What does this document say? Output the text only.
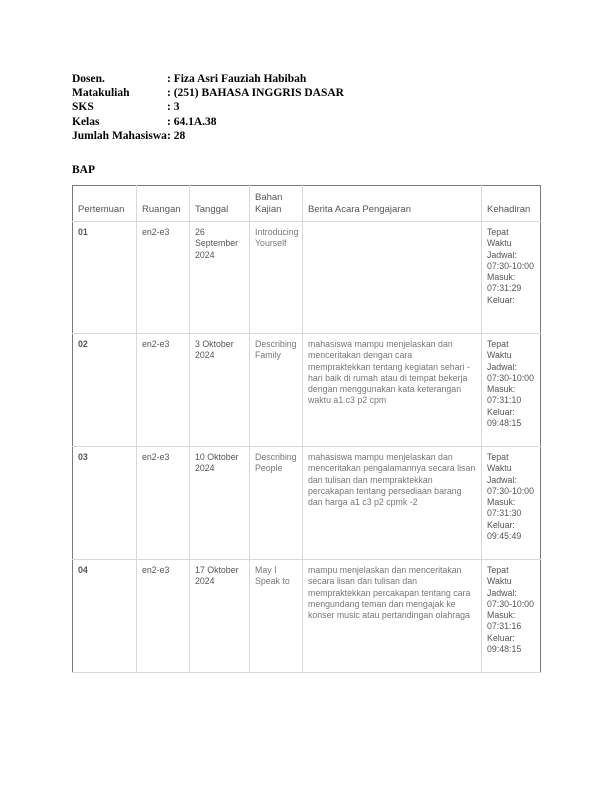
Dosen.	: Fiza Asri Fauziah Habibah
Matakuliah	: (251) BAHASA INGGRIS DASAR
SKS	: 3
Kelas	: 64.1A.38
Jumlah Mahasiswa : 28
BAP
Pertemuan	Ruangan	Tanggal	Bahan Kajian	Berita Acara Pengajaran	Kehadiran
01	en2-e3	26 September 2024	Introducing Yourself		Tepat Waktu Jadwal: 07:30-10:00 Masuk: 07:31:29 Keluar:
02	en2-e3	3 Oktober 2024	Describing Family	mahasiswa mampu menjelaskan dan menceritakan dengan cara mempraktekkan tentang kegiatan sehari -hari baik di rumah atau di tempat bekerja dengan menggunakan kata keterangan waktu a1 c3 p2 cpm	Tepat Waktu Jadwal: 07:30-10:00 Masuk: 07:31:10 Keluar: 09:48:15
03	en2-e3	10 Oktober 2024	Describing People	mahasiswa mampu menjelaskan dan menceritakan pengalamannya secara lisan dan tulisan dan mempraktekkan percakapan tentang persediaan barang dan harga a1 c3 p2 cpmk -2	Tepat Waktu Jadwal: 07:30-10:00 Masuk: 07:31:30 Keluar: 09:45:49
04	en2-e3	17 Oktober 2024	May I Speak to	mampu menjelaskan dan menceritakan secara lisan dan tulisan dan mempraktekkan percakapan tentang cara mengundang teman dan mengajak ke konser music atau pertandingan olahraga	Tepat Waktu Jadwal: 07:30-10:00 Masuk: 07:31:16 Keluar: 09:48:15
